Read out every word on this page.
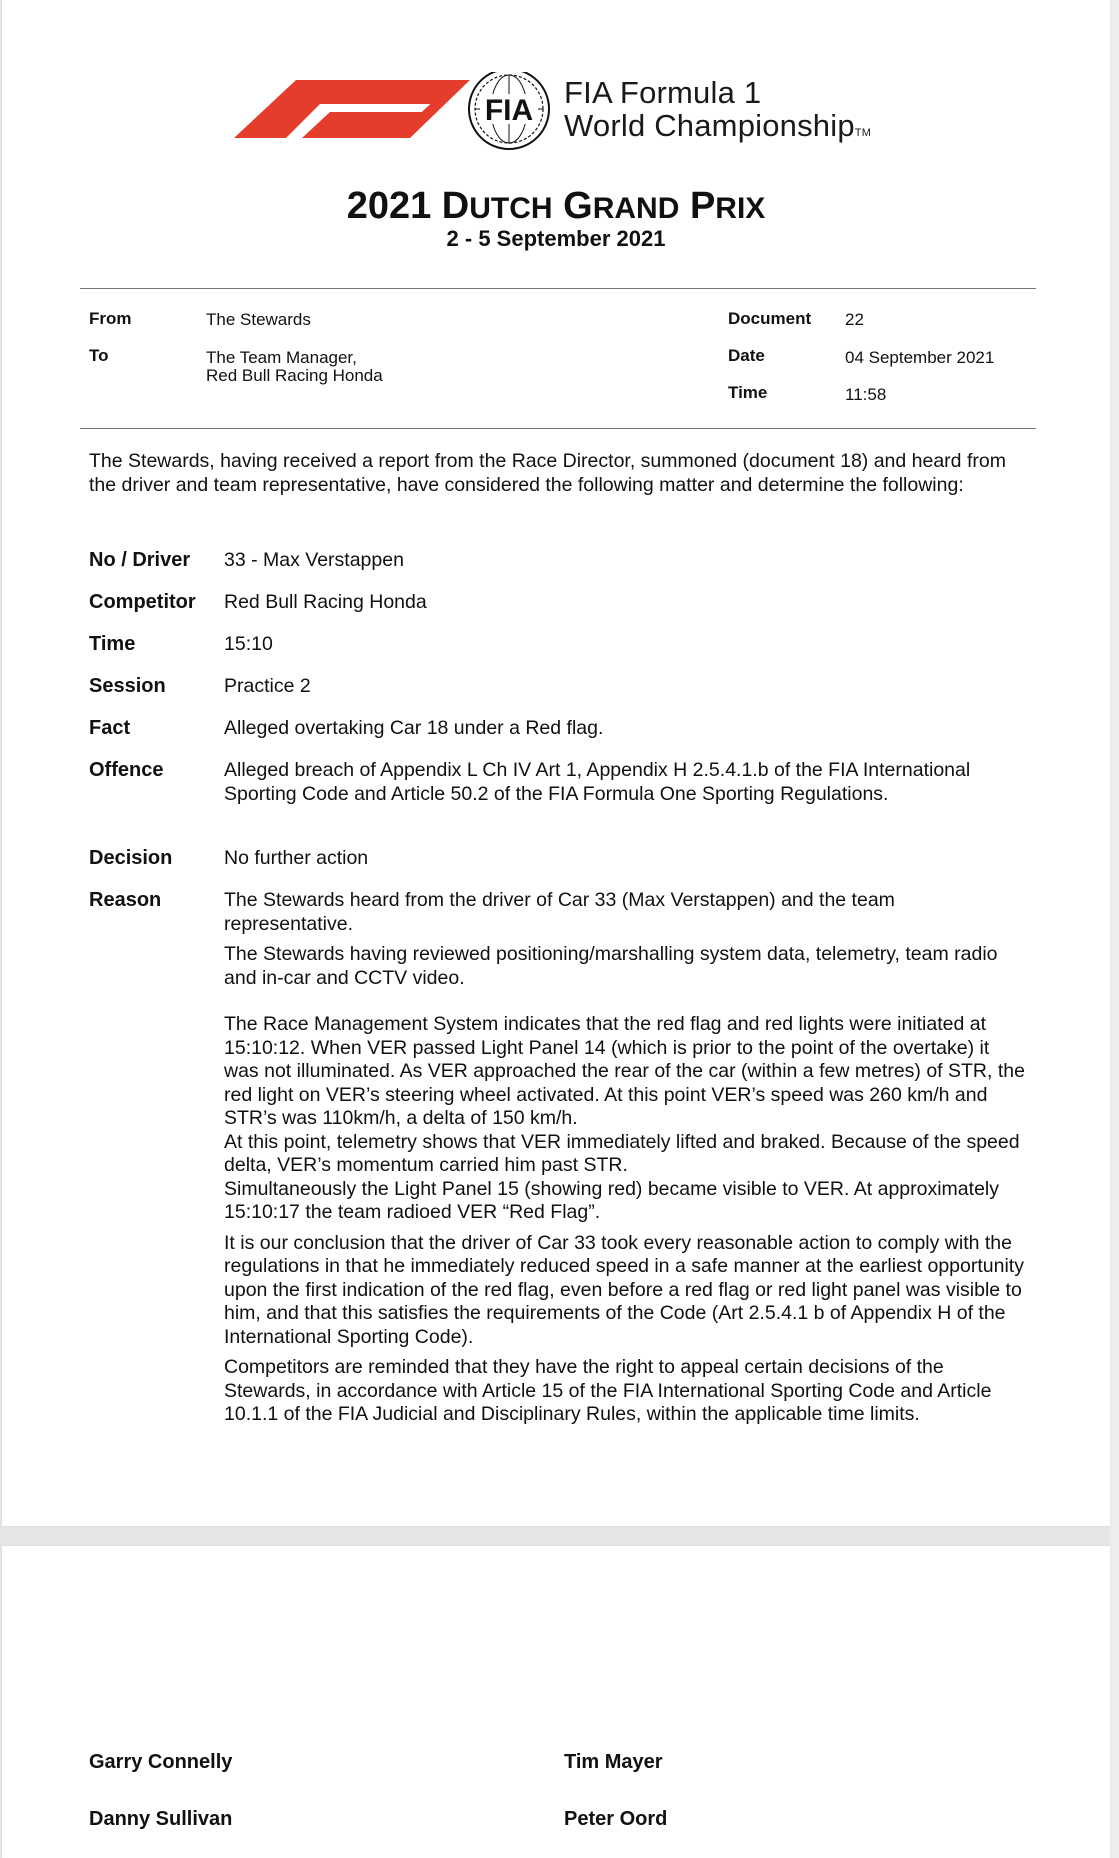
FIA
FIA Formula 1
World ChampionshipTM
2021 DUTCH GRAND PRIX
2 - 5 September 2021
From	The Stewards
To	The Team Manager,
Red Bull Racing Honda
Document 22
Date	04 September 2021
Time	11:58
The Stewards, having received a report from the Race Director, summoned (document 18) and heard from the driver and team representative, have considered the following matter and determine the following:
No / Driver 33 - Max Verstappen
Competitor Red Bull Racing Honda
Time	15:10
Session	Practice 2
Fact	Alleged overtaking Car 18 under a Red flag.
Offence	Alleged breach of Appendix L Ch IV Art 1, Appendix H 2.5.4.1.b of the FIA International Sporting Code and Article 50.2 of the FIA Formula One Sporting Regulations.
Decision	No further action
Reason	The Stewards heard from the driver of Car 33 (Max Verstappen) and the team representative.

The Stewards having reviewed positioning/marshalling system data, telemetry, team radio and in-car and CCTV video.

The Race Management System indicates that the red flag and red lights were initiated at 15:10:12. When VER passed Light Panel 14 (which is prior to the point of the overtake) it was not illuminated. As VER approached the rear of the car (within a few metres) of STR, the red light on VER’s steering wheel activated. At this point VER’s speed was 260 km/h and STR’s was 110km/h, a delta of 150 km/h.

At this point, telemetry shows that VER immediately lifted and braked. Because of the speed delta, VER’s momentum carried him past STR.

Simultaneously the Light Panel 15 (showing red) became visible to VER. At approximately 15:10:17 the team radioed VER “Red Flag”.

It is our conclusion that the driver of Car 33 took every reasonable action to comply with the regulations in that he immediately reduced speed in a safe manner at the earliest opportunity upon the first indication of the red flag, even before a red flag or red light panel was visible to him, and that this satisfies the requirements of the Code (Art 2.5.4.1 b of Appendix H of the International Sporting Code).

Competitors are reminded that they have the right to appeal certain decisions of the Stewards, in accordance with Article 15 of the FIA International Sporting Code and Article 10.1.1 of the FIA Judicial and Disciplinary Rules, within the applicable time limits.

Garry Connelly	Tim Mayer
Danny Sullivan	Peter Oord
